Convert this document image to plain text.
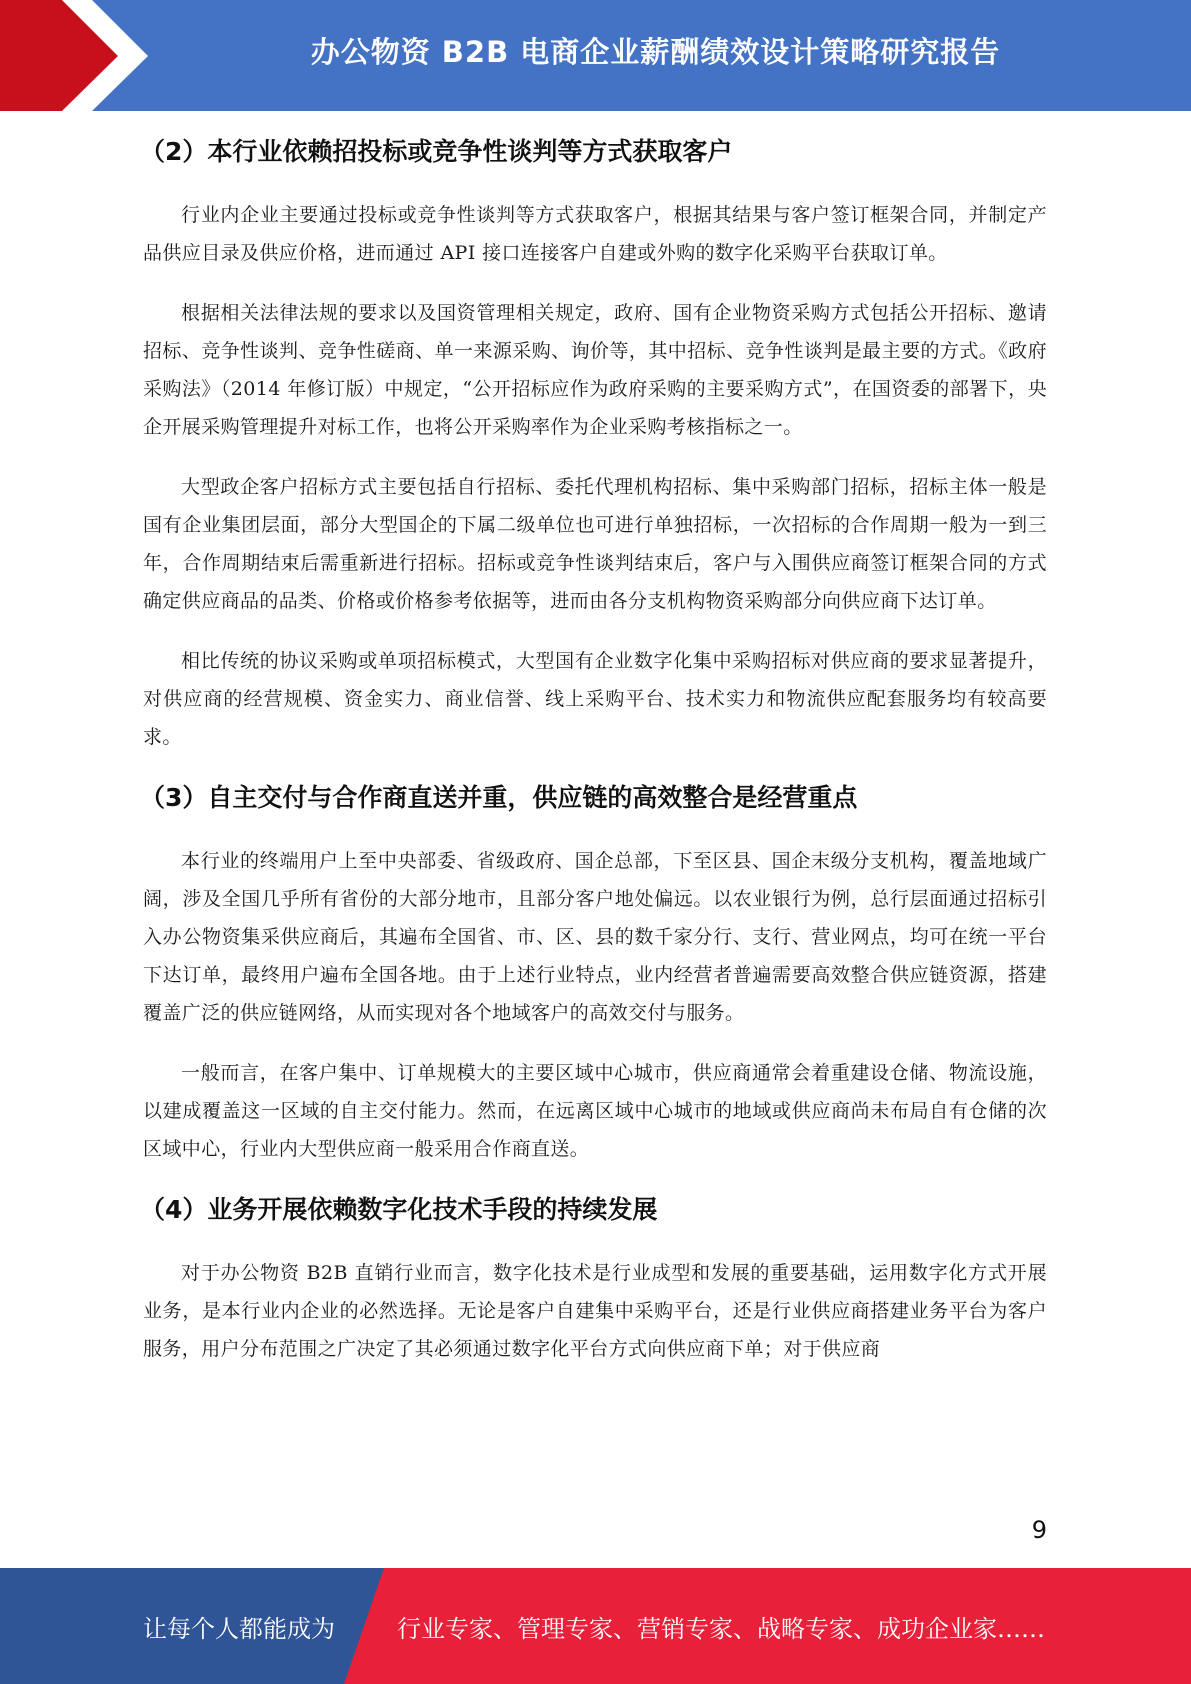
办公物资 B2B 电商企业薪酬绩效设计策略研究报告
（2）本行业依赖招投标或竞争性谈判等方式获取客户

行业内企业主要通过投标或竞争性谈判等方式获取客户，根据其结果与客户签订框架合同，并制定产品供应目录及供应价格，进而通过 API 接口连接客户自建或外购的数字化采购平台获取订单。

根据相关法律法规的要求以及国资管理相关规定，政府、国有企业物资采购方式包括公开招标、邀请招标、竞争性谈判、竞争性磋商、单一来源采购、询价等，其中招标、竞争性谈判是最主要的方式。《政府采购法》（2014 年修订版）中规定，“公开招标应作为政府采购的主要采购方式”，在国资委的部署下，央企开展采购管理提升对标工作，也将公开采购率作为企业采购考核指标之一。

大型政企客户招标方式主要包括自行招标、委托代理机构招标、集中采购部门招标，招标主体一般是国有企业集团层面，部分大型国企的下属二级单位也可进行单独招标，一次招标的合作周期一般为一到三年，合作周期结束后需重新进行招标。招标或竞争性谈判结束后，客户与入围供应商签订框架合同的方式确定供应商品的品类、价格或价格参考依据等，进而由各分支机构物资采购部分向供应商下达订单。

相比传统的协议采购或单项招标模式，大型国有企业数字化集中采购招标对供应商的要求显著提升，对供应商的经营规模、资金实力、商业信誉、线上采购平台、技术实力和物流供应配套服务均有较高要求。

（3）自主交付与合作商直送并重，供应链的高效整合是经营重点

本行业的终端用户上至中央部委、省级政府、国企总部，下至区县、国企末级分支机构，覆盖地域广阔，涉及全国几乎所有省份的大部分地市，且部分客户地处偏远。以农业银行为例，总行层面通过招标引入办公物资集采供应商后，其遍布全国省、市、区、县的数千家分行、支行、营业网点，均可在统一平台下达订单，最终用户遍布全国各地。由于上述行业特点，业内经营者普遍需要高效整合供应链资源，搭建覆盖广泛的供应链网络，从而实现对各个地域客户的高效交付与服务。

一般而言，在客户集中、订单规模大的主要区域中心城市，供应商通常会着重建设仓储、物流设施，以建成覆盖这一区域的自主交付能力。然而，在远离区域中心城市的地域或供应商尚未布局自有仓储的次区域中心，行业内大型供应商一般采用合作商直送。

（4）业务开展依赖数字化技术手段的持续发展

对于办公物资 B2B 直销行业而言，数字化技术是行业成型和发展的重要基础，运用数字化方式开展业务，是本行业内企业的必然选择。无论是客户自建集中采购平台，还是行业供应商搭建业务平台为客户服务，用户分布范围之广决定了其必须通过数字化平台方式向供应商下单；对于供应商

9
让每个人都能成为	行业专家、管理专家、营销专家、战略专家、成功企业家……
